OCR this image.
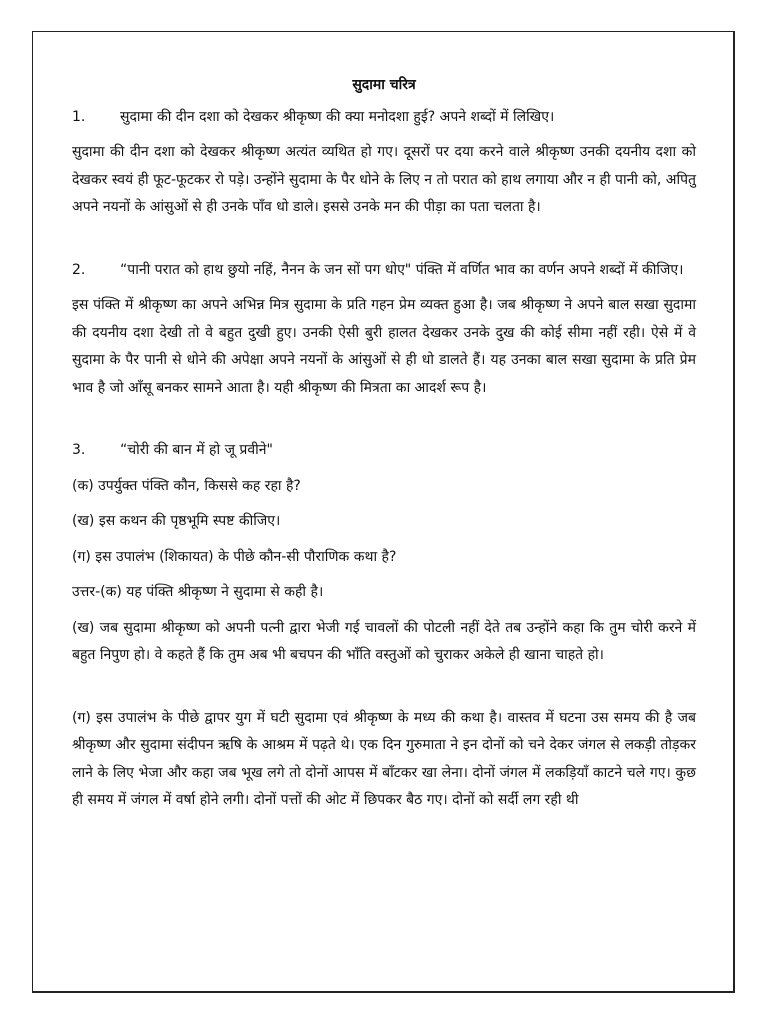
सुदामा चरित्र
1.	सुदामा की दीन दशा को देखकर श्रीकृष्ण की क्या मनोदशा हुई? अपने शब्दों में लिखिए।
सुदामा की दीन दशा को देखकर श्रीकृष्ण अत्यंत व्यथित हो गए। दूसरों पर दया करने वाले श्रीकृष्ण उनकी दयनीय दशा को देखकर स्वयं ही फूट-फूटकर रो पड़े। उन्होंने सुदामा के पैर धोने के लिए न तो परात को हाथ लगाया और न ही पानी को, अपितु अपने नयनों के आंसुओं से ही उनके पाँव धो डाले। इससे उनके मन की पीड़ा का पता चलता है।
2.	“पानी परात को हाथ छुयो नहिं, नैनन के जन सों पग धोए" पंक्ति में वर्णित भाव का वर्णन अपने शब्दों में कीजिए।
इस पंक्ति में श्रीकृष्ण का अपने अभिन्न मित्र सुदामा के प्रति गहन प्रेम व्यक्त हुआ है। जब श्रीकृष्ण ने अपने बाल सखा सुदामा की दयनीय दशा देखी तो वे बहुत दुखी हुए। उनकी ऐसी बुरी हालत देखकर उनके दुख की कोई सीमा नहीं रही। ऐसे में वे सुदामा के पैर पानी से धोने की अपेक्षा अपने नयनों के आंसुओं से ही धो डालते हैं। यह उनका बाल सखा सुदामा के प्रति प्रेम भाव है जो आँसू बनकर सामने आता है। यही श्रीकृष्ण की मित्रता का आदर्श रूप है।
3.	“चोरी की बान में हो जू प्रवीने"
(क) उपर्युक्त पंक्ति कौन, किससे कह रहा है?
(ख) इस कथन की पृष्ठभूमि स्पष्ट कीजिए।
(ग) इस उपालंभ (शिकायत) के पीछे कौन-सी पौराणिक कथा है?
उत्तर-(क) यह पंक्ति श्रीकृष्ण ने सुदामा से कही है।
(ख) जब सुदामा श्रीकृष्ण को अपनी पत्नी द्वारा भेजी गई चावलों की पोटली नहीं देते तब उन्होंने कहा कि तुम चोरी करने में बहुत निपुण हो। वे कहते हैं कि तुम अब भी बचपन की भाँति वस्तुओं को चुराकर अकेले ही खाना चाहते हो।
(ग) इस उपालंभ के पीछे द्वापर युग में घटी सुदामा एवं श्रीकृष्ण के मध्य की कथा है। वास्तव में घटना उस समय की है जब श्रीकृष्ण और सुदामा संदीपन ऋषि के आश्रम में पढ़ते थे। एक दिन गुरुमाता ने इन दोनों को चने देकर जंगल से लकड़ी तोड़कर लाने के लिए भेजा और कहा जब भूख लगे तो दोनों आपस में बाँटकर खा लेना। दोनों जंगल में लकड़ियाँ काटने चले गए। कुछ ही समय में जंगल में वर्षा होने लगी। दोनों पत्तों की ओट में छिपकर बैठ गए। दोनों को सर्दी लग रही थी
